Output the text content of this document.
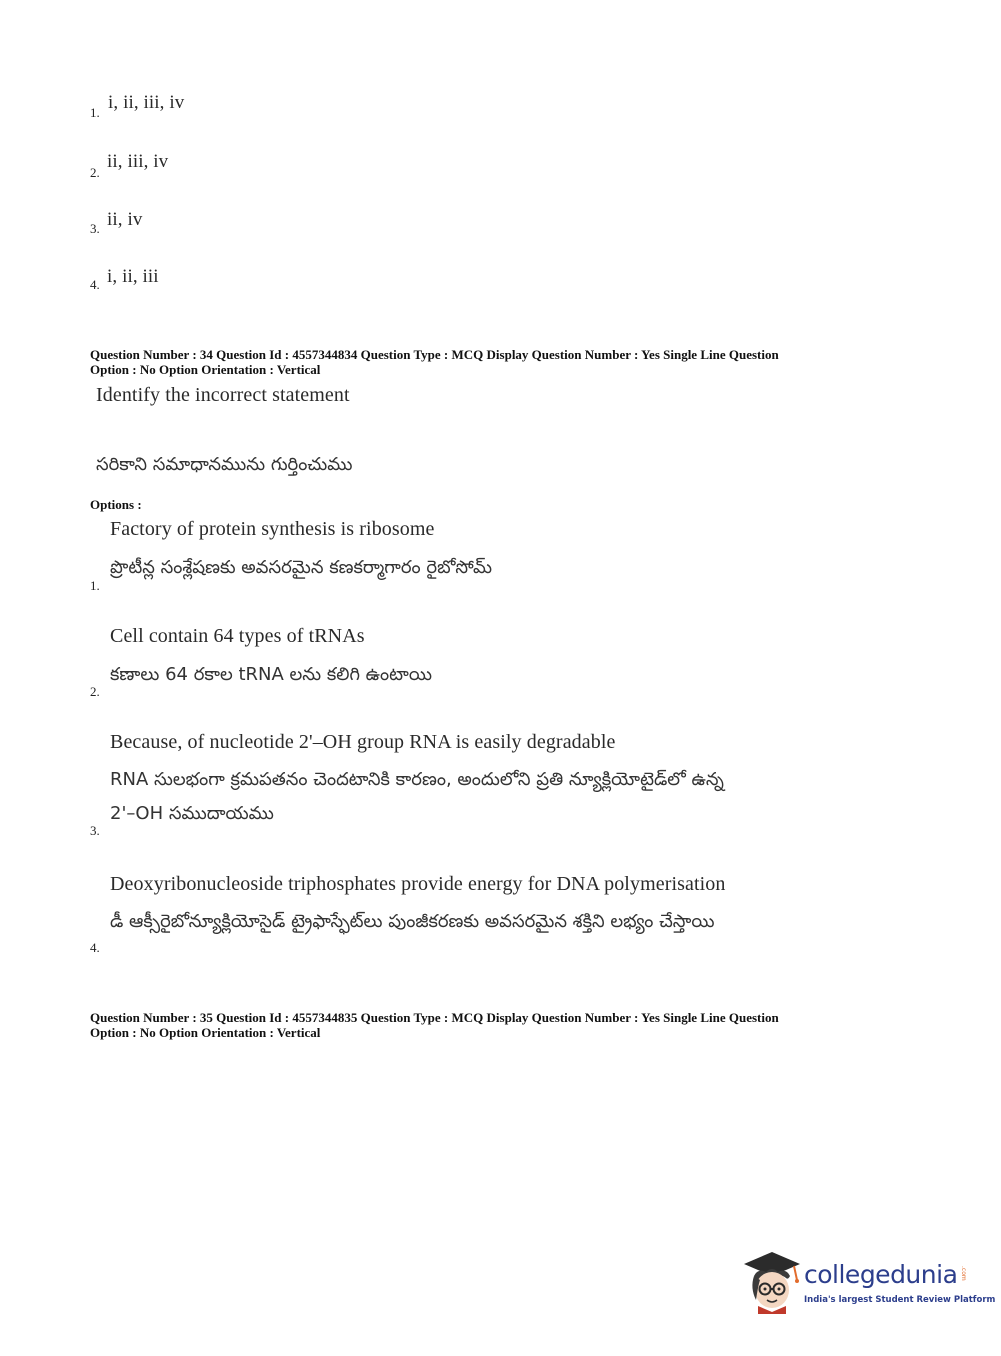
1. i, ii, iii, iv
2.
ii, iii, iv
3. ii, iv
4. i, ii, iii
Question Number : 34 Question Id : 4557344834 Question Type : MCQ Display Question Number : Yes Single Line Question
Option : No Option Orientation : Vertical
Identify the incorrect statement
సరికాని సమాధానమును గుర్తించుము
Options :
Factory of protein synthesis is ribosome
ప్రొటీన్ల సంశ్లేషణకు అవసరమైన కణకర్మాగారం రైబోసోమ్
1.
Cell contain 64 types of tRNAs
కణాలు 64 రకాల tRNA లను కలిగి ఉంటాయి
2.
Because, of nucleotide 2'–OH group RNA is easily degradable
RNA సులభంగా క్రమపతనం చెందటానికి కారణం, అందులోని ప్రతి న్యూక్లియోటైడ్‌లో ఉన్న
2'–OH సముదాయము
3.
Deoxyribonucleoside triphosphates provide energy for DNA polymerisation
డీ ఆక్సీరైబోన్యూక్లియోసైడ్ ట్రైఫాస్ఫేట్‌లు పుంజీకరణకు అవసరమైన శక్తిని లభ్యం చేస్తాయి
4.
Question Number : 35 Question Id : 4557344835 Question Type : MCQ Display Question Number : Yes Single Line Question
Option : No Option Orientation : Vertical
collegedunia .com
India's largest Student Review Platform
